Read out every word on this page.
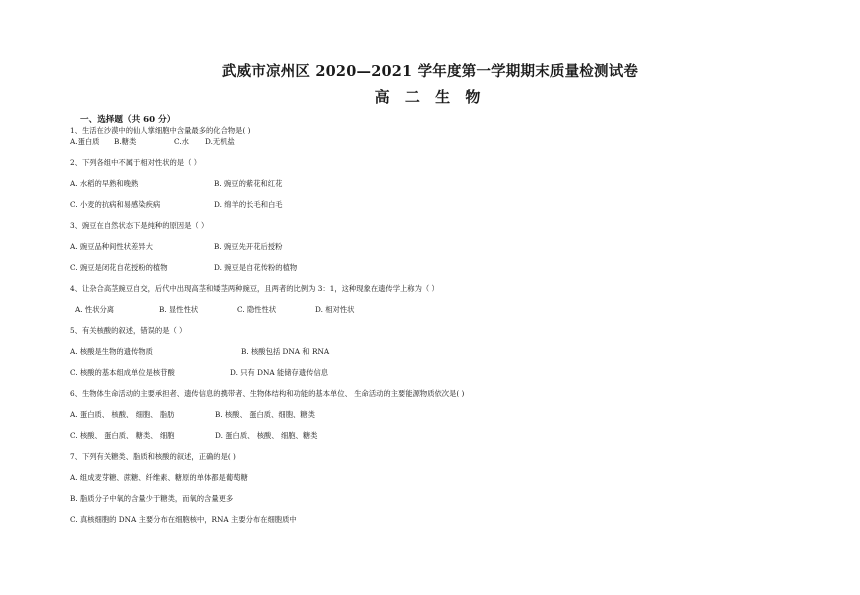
武威市凉州区 2020—2021 学年度第一学期期末质量检测试卷
高 二 生 物
一、选择题（共 60 分）
1、生活在沙漠中的仙人掌细胞中含量最多的化合物是( )
A.蛋白质 B.糖类	C.水 D.无机盐
2、下列各组中不属于相对性状的是（ ）
A. 水稻的早熟和晚熟	B. 豌豆的紫花和红花
C. 小麦的抗病和易感染疾病	D. 绵羊的长毛和白毛
3、豌豆在自然状态下是纯种的原因是（ ）
A. 豌豆品种间性状差异大	B. 豌豆先开花后授粉
C. 豌豆是闭花自花授粉的植物	D. 豌豆是自花传粉的植物
4、让杂合高茎豌豆自交，后代中出现高茎和矮茎两种豌豆，且两者的比例为 3：1，这种现象在遗传学上称为（ ）
A. 性状分离	B. 显性性状	C. 隐性性状	D. 相对性状
5、有关核酸的叙述，错误的是（ ）
A. 核酸是生物的遗传物质	B. 核酸包括 DNA 和 RNA
C. 核酸的基本组成单位是核苷酸	D. 只有 DNA 能储存遗传信息
6、生物体生命活动的主要承担者、遗传信息的携带者、生物体结构和功能的基本单位、 生命活动的主要能源物质依次是( )
A. 蛋白质、 核酸、 细胞、 脂肪	B. 核酸、 蛋白质、细胞、糖类
C. 核酸、 蛋白质、 糖类、 细胞	D. 蛋白质、 核酸、 细胞、糖类
7、下列有关糖类、脂质和核酸的叙述，正确的是( )
A. 组成麦芽糖、蔗糖、纤维素、糖原的单体都是葡萄糖
B. 脂质分子中氧的含量少于糖类，而氧的含量更多
C. 真核细胞的 DNA 主要分布在细胞核中，RNA 主要分布在细胞质中
